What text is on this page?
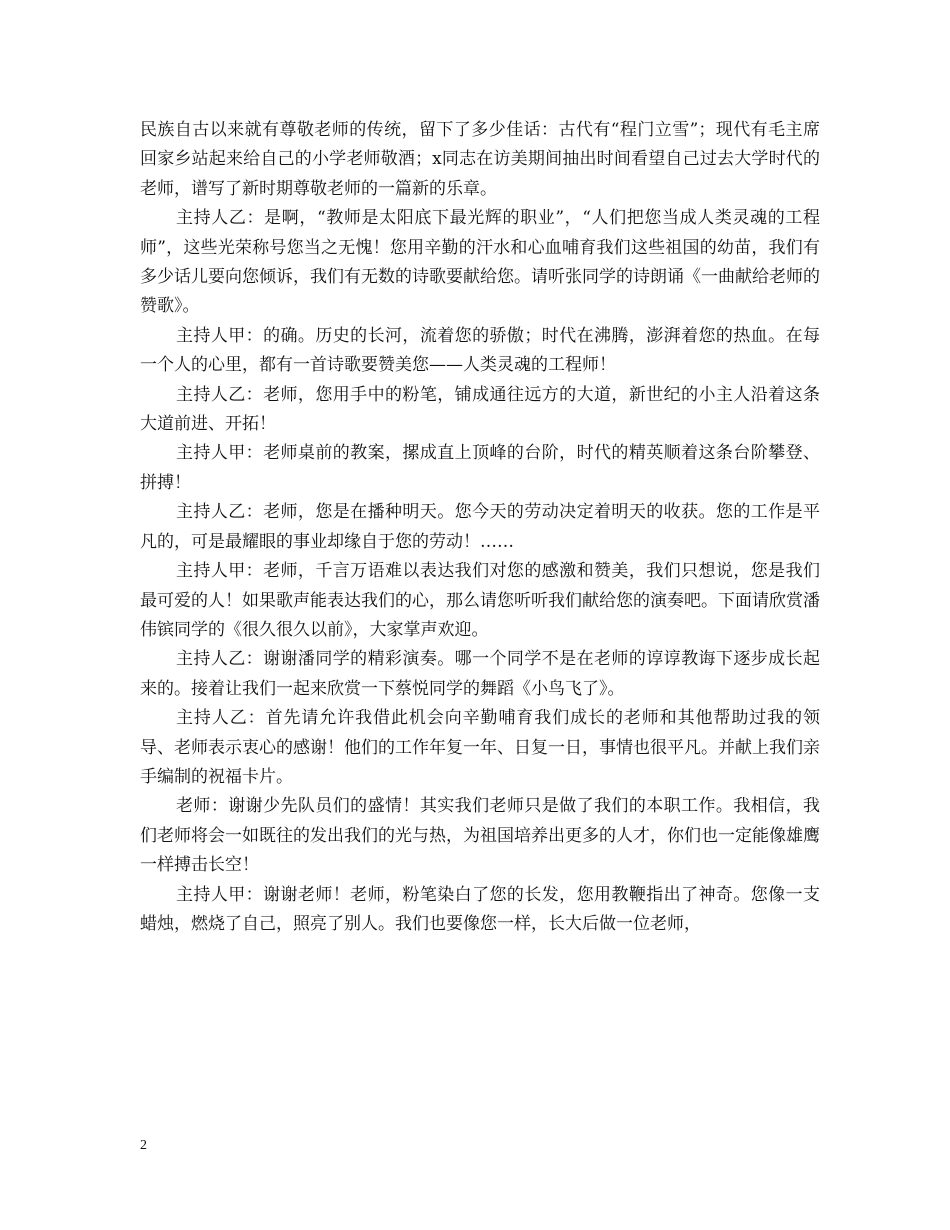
民族自古以来就有尊敬老师的传统，留下了多少佳话：古代有“程门立雪”；现代有毛主席回家乡站起来给自己的小学老师敬酒；x同志在访美期间抽出时间看望自己过去大学时代的老师，谱写了新时期尊敬老师的一篇新的乐章。

主持人乙：是啊，“教师是太阳底下最光辉的职业”，“人们把您当成人类灵魂的工程师”，这些光荣称号您当之无愧！您用辛勤的汗水和心血哺育我们这些祖国的幼苗，我们有多少话儿要向您倾诉，我们有无数的诗歌要献给您。请听张同学的诗朗诵《一曲献给老师的赞歌》。

主持人甲：的确。历史的长河，流着您的骄傲；时代在沸腾，澎湃着您的热血。在每一个人的心里，都有一首诗歌要赞美您——人类灵魂的工程师！

主持人乙：老师，您用手中的粉笔，铺成通往远方的大道，新世纪的小主人沿着这条大道前进、开拓！

主持人甲：老师桌前的教案，摞成直上顶峰的台阶，时代的精英顺着这条台阶攀登、拼搏！

主持人乙：老师，您是在播种明天。您今天的劳动决定着明天的收获。您的工作是平凡的，可是最耀眼的事业却缘自于您的劳动！……

主持人甲：老师，千言万语难以表达我们对您的感激和赞美，我们只想说，您是我们最可爱的人！如果歌声能表达我们的心，那么请您听听我们献给您的演奏吧。下面请欣赏潘伟镔同学的《很久很久以前》，大家掌声欢迎。

主持人乙：谢谢潘同学的精彩演奏。哪一个同学不是在老师的谆谆教诲下逐步成长起来的。接着让我们一起来欣赏一下蔡悦同学的舞蹈《小鸟飞了》。

主持人乙：首先请允许我借此机会向辛勤哺育我们成长的老师和其他帮助过我的领导、老师表示衷心的感谢！他们的工作年复一年、日复一日，事情也很平凡。并献上我们亲手编制的祝福卡片。

老师：谢谢少先队员们的盛情！其实我们老师只是做了我们的本职工作。我相信，我们老师将会一如既往的发出我们的光与热，为祖国培养出更多的人才，你们也一定能像雄鹰一样搏击长空！

主持人甲：谢谢老师！老师，粉笔染白了您的长发，您用教鞭指出了神奇。您像一支蜡烛，燃烧了自己，照亮了别人。我们也要像您一样，长大后做一位老师，

2
